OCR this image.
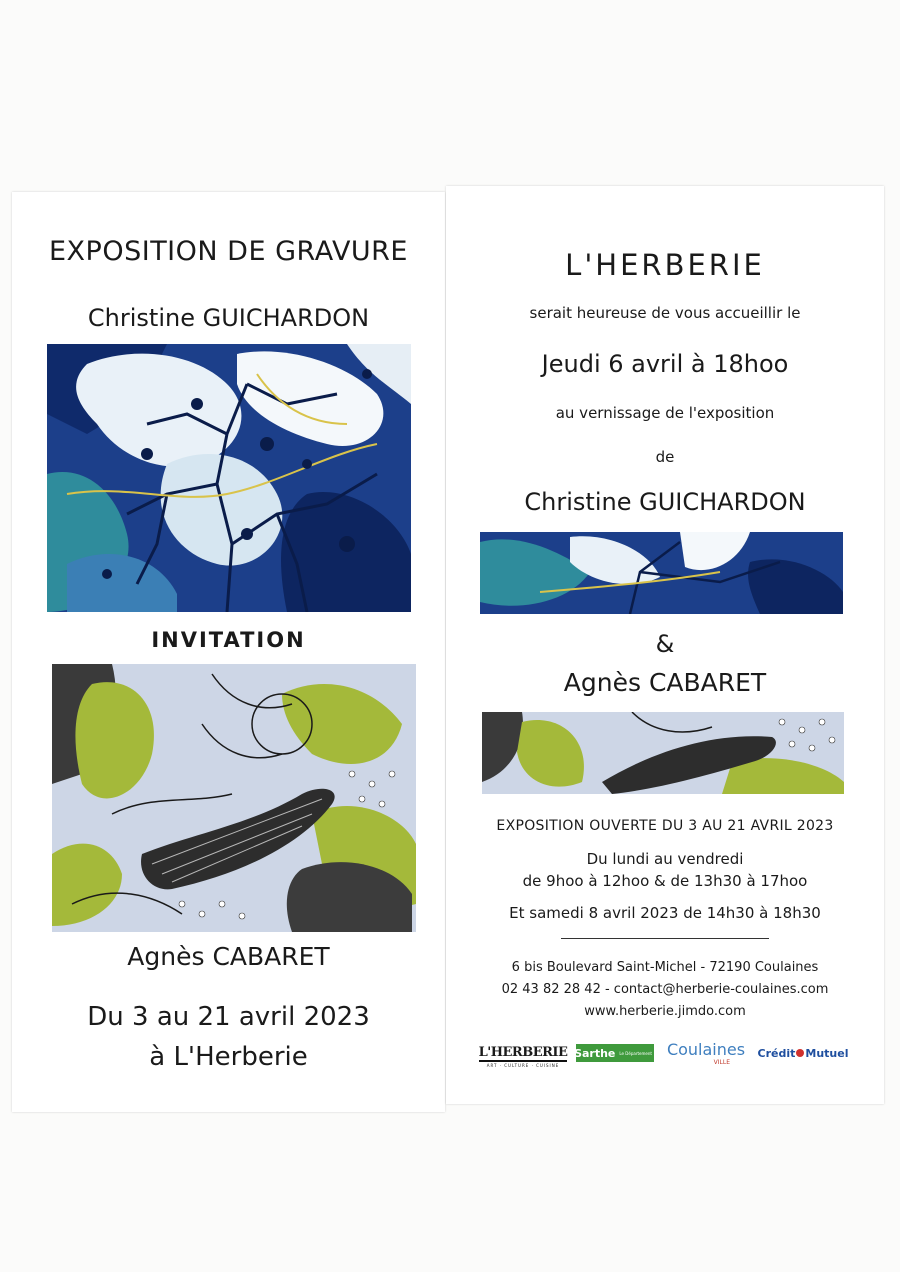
EXPOSITION DE GRAVURE
Christine GUICHARDON
INVITATION
Agnès CABARET
Du 3 au 21 avril 2023
à L'Herberie
L'HERBERIE
serait heureuse de vous accueillir le
Jeudi 6 avril à 18hoo
au vernissage de l'exposition
de
Christine GUICHARDON
&
Agnès CABARET
EXPOSITION OUVERTE DU 3 AU 21 AVRIL 2023
Du lundi au vendredi
de 9hoo à 12hoo & de 13h30 à 17hoo
Et samedi 8 avril 2023 de 14h30 à 18h30
6 bis Boulevard Saint-Michel - 72190 Coulaines
02 43 82 28 42 - contact@herberie-coulaines.com
www.herberie.jimdo.com
L'HERBERIE
ART · CULTURE · CUISINE
Sarthe Le Département Coulaines
VILLE
Crédit Mutuel
